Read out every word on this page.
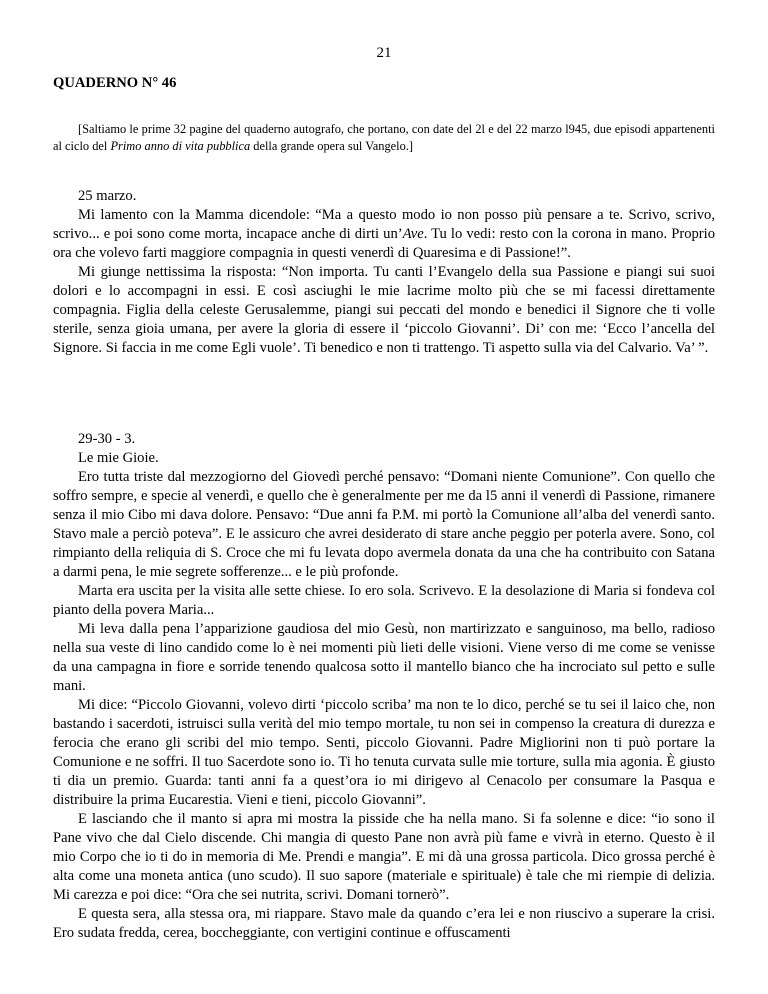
21
QUADERNO N° 46
[Saltiamo le prime 32 pagine del quaderno autografo, che portano, con date del 2l e del 22 marzo l945, due episodi appartenenti al ciclo del Primo anno di vita pubblica della grande opera sul Vangelo.]

25 marzo.

Mi lamento con la Mamma dicendole: “Ma a questo modo io non posso più pensare a te. Scrivo, scrivo, scrivo... e poi sono come morta, incapace anche di dirti un’Ave. Tu lo vedi: resto con la corona in mano. Proprio ora che volevo farti maggiore compagnia in questi venerdì di Quaresima e di Passione!”.

Mi giunge nettissima la risposta: “Non importa. Tu canti l’Evangelo della sua Passione e piangi sui suoi dolori e lo accompagni in essi. E così asciughi le mie lacrime molto più che se mi facessi direttamente compagnia. Figlia della celeste Gerusalemme, piangi sui peccati del mondo e benedici il Signore che ti volle sterile, senza gioia umana, per avere la gloria di essere il ‘piccolo Giovanni’. Di’ con me: ‘Ecco l’ancella del Signore. Si faccia in me come Egli vuole’. Ti benedico e non ti trattengo. Ti aspetto sulla via del Calvario. Va’ ”.

29-30 - 3.

Le mie Gioie.

Ero tutta triste dal mezzogiorno del Giovedì perché pensavo: “Domani niente Comunione”. Con quello che soffro sempre, e specie al venerdì, e quello che è generalmente per me da l5 anni il venerdì di Passione, rimanere senza il mio Cibo mi dava dolore. Pensavo: “Due anni fa P.M. mi portò la Comunione all’alba del venerdì santo. Stavo male a perciò poteva”. E le assicuro che avrei desiderato di stare anche peggio per poterla avere. Sono, col rimpianto della reliquia di S. Croce che mi fu levata dopo avermela donata da una che ha contribuito con Satana a darmi pena, le mie segrete sofferenze... e le più profonde.

Marta era uscita per la visita alle sette chiese. Io ero sola. Scrivevo. E la desolazione di Maria si fondeva col pianto della povera Maria...

Mi leva dalla pena l’apparizione gaudiosa del mio Gesù, non martirizzato e sanguinoso, ma bello, radioso nella sua veste di lino candido come lo è nei momenti più lieti delle visioni. Viene verso di me come se venisse da una campagna in fiore e sorride tenendo qualcosa sotto il mantello bianco che ha incrociato sul petto e sulle mani.

Mi dice: “Piccolo Giovanni, volevo dirti ‘piccolo scriba’ ma non te lo dico, perché se tu sei il laico che, non bastando i sacerdoti, istruisci sulla verità del mio tempo mortale, tu non sei in compenso la creatura di durezza e ferocia che erano gli scribi del mio tempo. Senti, piccolo Giovanni. Padre Migliorini non ti può portare la Comunione e ne soffri. Il tuo Sacerdote sono io. Ti ho tenuta curvata sulle mie torture, sulla mia agonia. È giusto ti dia un premio. Guarda: tanti anni fa a quest’ora io mi dirigevo al Cenacolo per consumare la Pasqua e distribuire la prima Eucarestia. Vieni e tieni, piccolo Giovanni”.

E lasciando che il manto si apra mi mostra la pisside che ha nella mano. Si fa solenne e dice: “io sono il Pane vivo che dal Cielo discende. Chi mangia di questo Pane non avrà più fame e vivrà in eterno. Questo è il mio Corpo che io ti do in memoria di Me. Prendi e mangia”. E mi dà una grossa particola. Dico grossa perché è alta come una moneta antica (uno scudo). Il suo sapore (materiale e spirituale) è tale che mi riempie di delizia. Mi carezza e poi dice: “Ora che sei nutrita, scrivi. Domani tornerò”.

E questa sera, alla stessa ora, mi riappare. Stavo male da quando c’era lei e non riuscivo a superare la crisi. Ero sudata fredda, cerea, boccheggiante, con vertigini continue e offuscamenti
